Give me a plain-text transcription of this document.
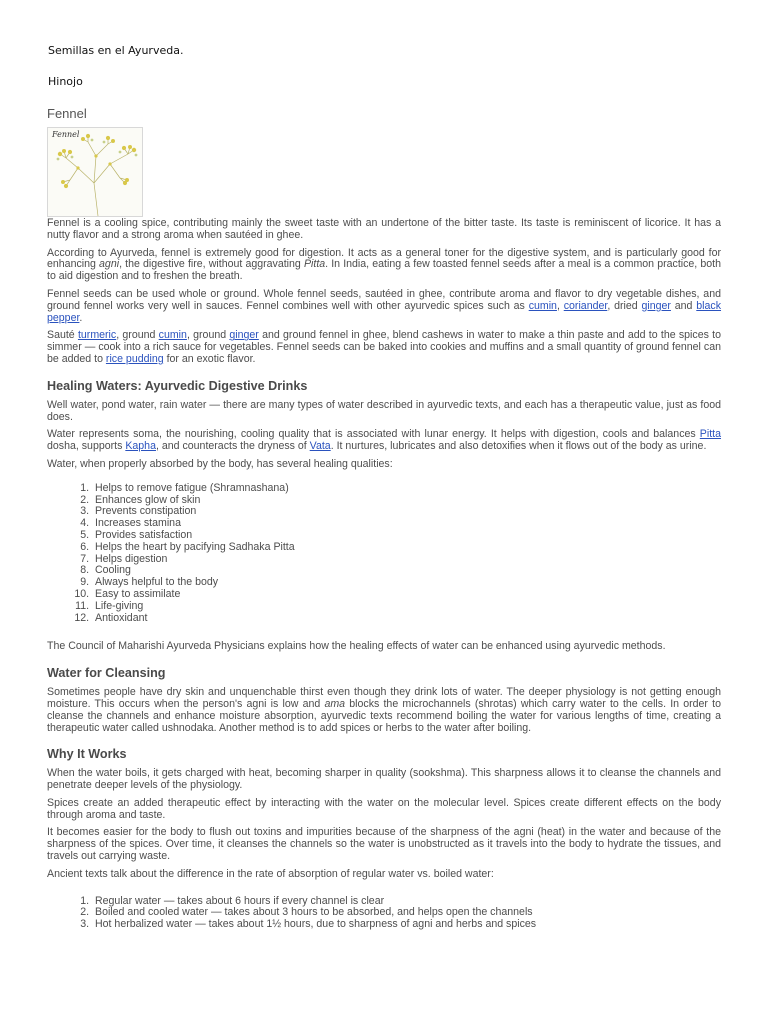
Semillas en el Ayurveda.
Hinojo
Fennel
Fennel

Fennel is a cooling spice, contributing mainly the sweet taste with an undertone of the bitter taste. Its taste is reminiscent of licorice. It has a nutty flavor and a strong aroma when sautéed in ghee.

According to Ayurveda, fennel is extremely good for digestion. It acts as a general toner for the digestive system, and is particularly good for enhancing agni, the digestive fire, without aggravating Pitta. In India, eating a few toasted fennel seeds after a meal is a common practice, both to aid digestion and to freshen the breath.

Fennel seeds can be used whole or ground. Whole fennel seeds, sautéed in ghee, contribute aroma and flavor to dry vegetable dishes, and ground fennel works very well in sauces. Fennel combines well with other ayurvedic spices such as cumin, coriander, dried ginger and black pepper.

Sauté turmeric, ground cumin, ground ginger and ground fennel in ghee, blend cashews in water to make a thin paste and add to the spices to simmer — cook into a rich sauce for vegetables. Fennel seeds can be baked into cookies and muffins and a small quantity of ground fennel can be added to rice pudding for an exotic flavor.

Healing Waters: Ayurvedic Digestive Drinks

Well water, pond water, rain water — there are many types of water described in ayurvedic texts, and each has a therapeutic value, just as food does.

Water represents soma, the nourishing, cooling quality that is associated with lunar energy. It helps with digestion, cools and balances Pitta dosha, supports Kapha, and counteracts the dryness of Vata. It nurtures, lubricates and also detoxifies when it flows out of the body as urine.

Water, when properly absorbed by the body, has several healing qualities:

1. Helps to remove fatigue (Shramnashana)
2. Enhances glow of skin
3. Prevents constipation
4. Increases stamina
5. Provides satisfaction
6. Helps the heart by pacifying Sadhaka Pitta
7. Helps digestion
8. Cooling
9. Always helpful to the body
10. Easy to assimilate
11. Life-giving
12. Antioxidant

The Council of Maharishi Ayurveda Physicians explains how the healing effects of water can be enhanced using ayurvedic methods.

Water for Cleansing

Sometimes people have dry skin and unquenchable thirst even though they drink lots of water. The deeper physiology is not getting enough moisture. This occurs when the person's agni is low and ama blocks the microchannels (shrotas) which carry water to the cells. In order to cleanse the channels and enhance moisture absorption, ayurvedic texts recommend boiling the water for various lengths of time, creating a therapeutic water called ushnodaka. Another method is to add spices or herbs to the water after boiling.

Why It Works

When the water boils, it gets charged with heat, becoming sharper in quality (sookshma). This sharpness allows it to cleanse the channels and penetrate deeper levels of the physiology.

Spices create an added therapeutic effect by interacting with the water on the molecular level. Spices create different effects on the body through aroma and taste.

It becomes easier for the body to flush out toxins and impurities because of the sharpness of the agni (heat) in the water and because of the sharpness of the spices. Over time, it cleanses the channels so the water is unobstructed as it travels into the body to hydrate the tissues, and travels out carrying waste.

Ancient texts talk about the difference in the rate of absorption of regular water vs. boiled water:

1. Regular water — takes about 6 hours if every channel is clear
2. Boiled and cooled water — takes about 3 hours to be absorbed, and helps open the channels
3. Hot herbalized water — takes about 1½ hours, due to sharpness of agni and herbs and spices
